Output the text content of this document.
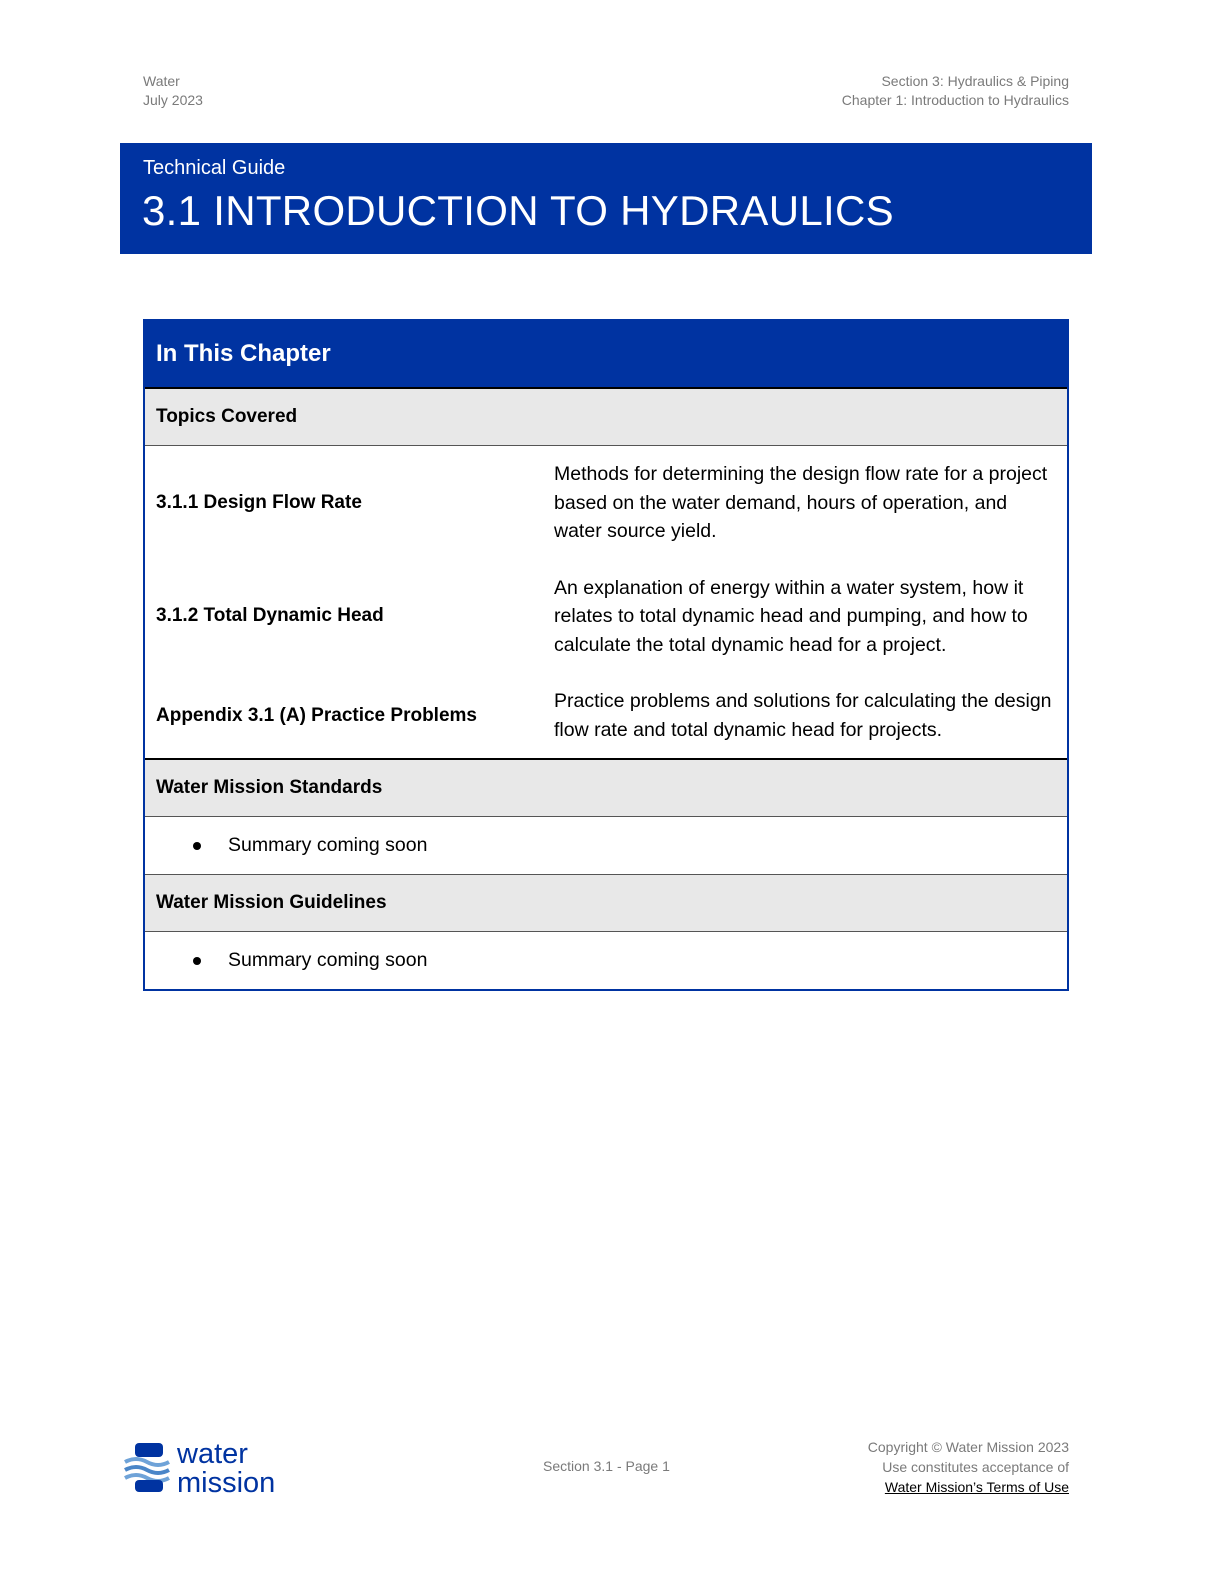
Water
July 2023
Section 3: Hydraulics & Piping
Chapter 1: Introduction to Hydraulics
Technical Guide
3.1 INTRODUCTION TO HYDRAULICS
In This Chapter
Topics Covered
3.1.1 Design Flow Rate
Methods for determining the design flow rate for a project based on the water demand, hours of operation, and water source yield.
3.1.2 Total Dynamic Head
An explanation of energy within a water system, how it relates to total dynamic head and pumping, and how to calculate the total dynamic head for a project.
Appendix 3.1 (A) Practice Problems
Practice problems and solutions for calculating the design flow rate and total dynamic head for projects.
Water Mission Standards
Summary coming soon
Water Mission Guidelines
Summary coming soon
water
mission
Section 3.1 - Page 1
Copyright © Water Mission 2023
Use constitutes acceptance of
Water Mission’s Terms of Use
